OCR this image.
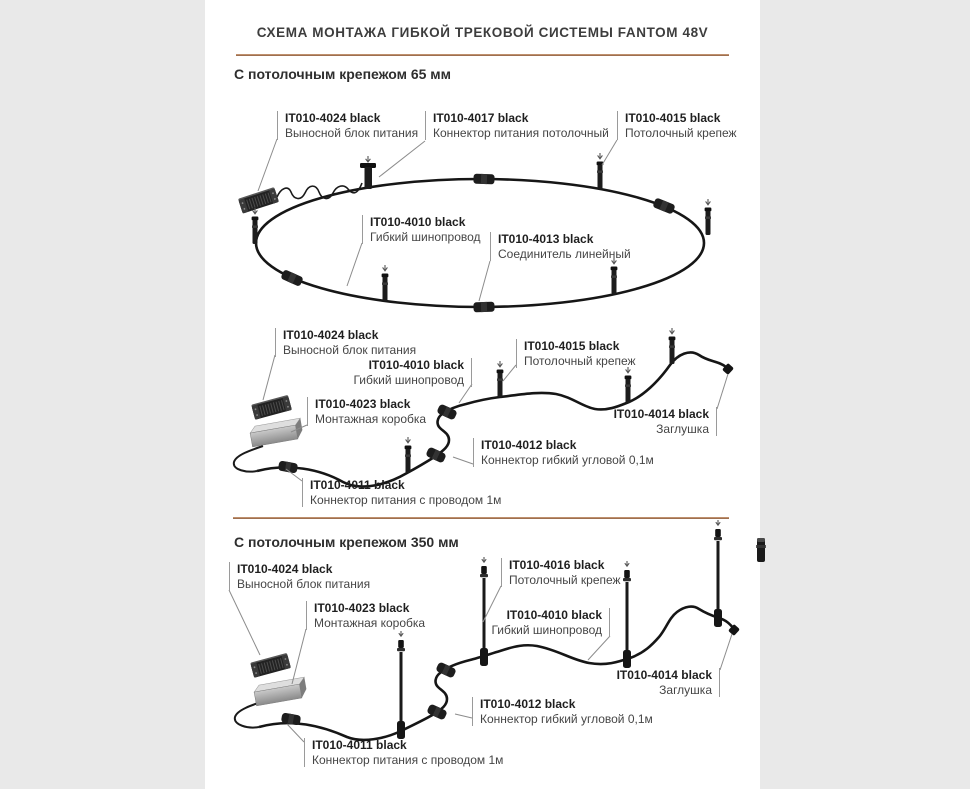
СХЕМА МОНТАЖА ГИБКОЙ ТРЕКОВОЙ СИСТЕМЫ FANTOM 48V
С потолочным крепежом 65 мм
С потолочным крепежом 350 мм
IT010-4024 black
Выносной блок питания
IT010-4017 black
Коннектор питания потолочный
IT010-4015 black
Потолочный крепеж
IT010-4010 black
Гибкий шинопровод IT010-4013 black
Соединитель линейный
IT010-4024 black
Выносной блок питания
IT010-4010 black
Гибкий шинопровод
IT010-4015 black
Потолочный крепеж
IT010-4023 black
Монтажная коробка	IT010-4014 black
Заглушка
IT010-4012 black
Коннектор гибкий угловой 0,1м
IT010-4011 black
Коннектор питания с проводом 1м
IT010-4024 black
Выносной блок питания
IT010-4023 black
Монтажная коробка
IT010-4016 black
Потолочный крепеж
IT010-4010 black
Гибкий шинопровод
IT010-4014 black
Заглушка
IT010-4012 black
Коннектор гибкий угловой 0,1м
IT010-4011 black
Коннектор питания с проводом 1м
